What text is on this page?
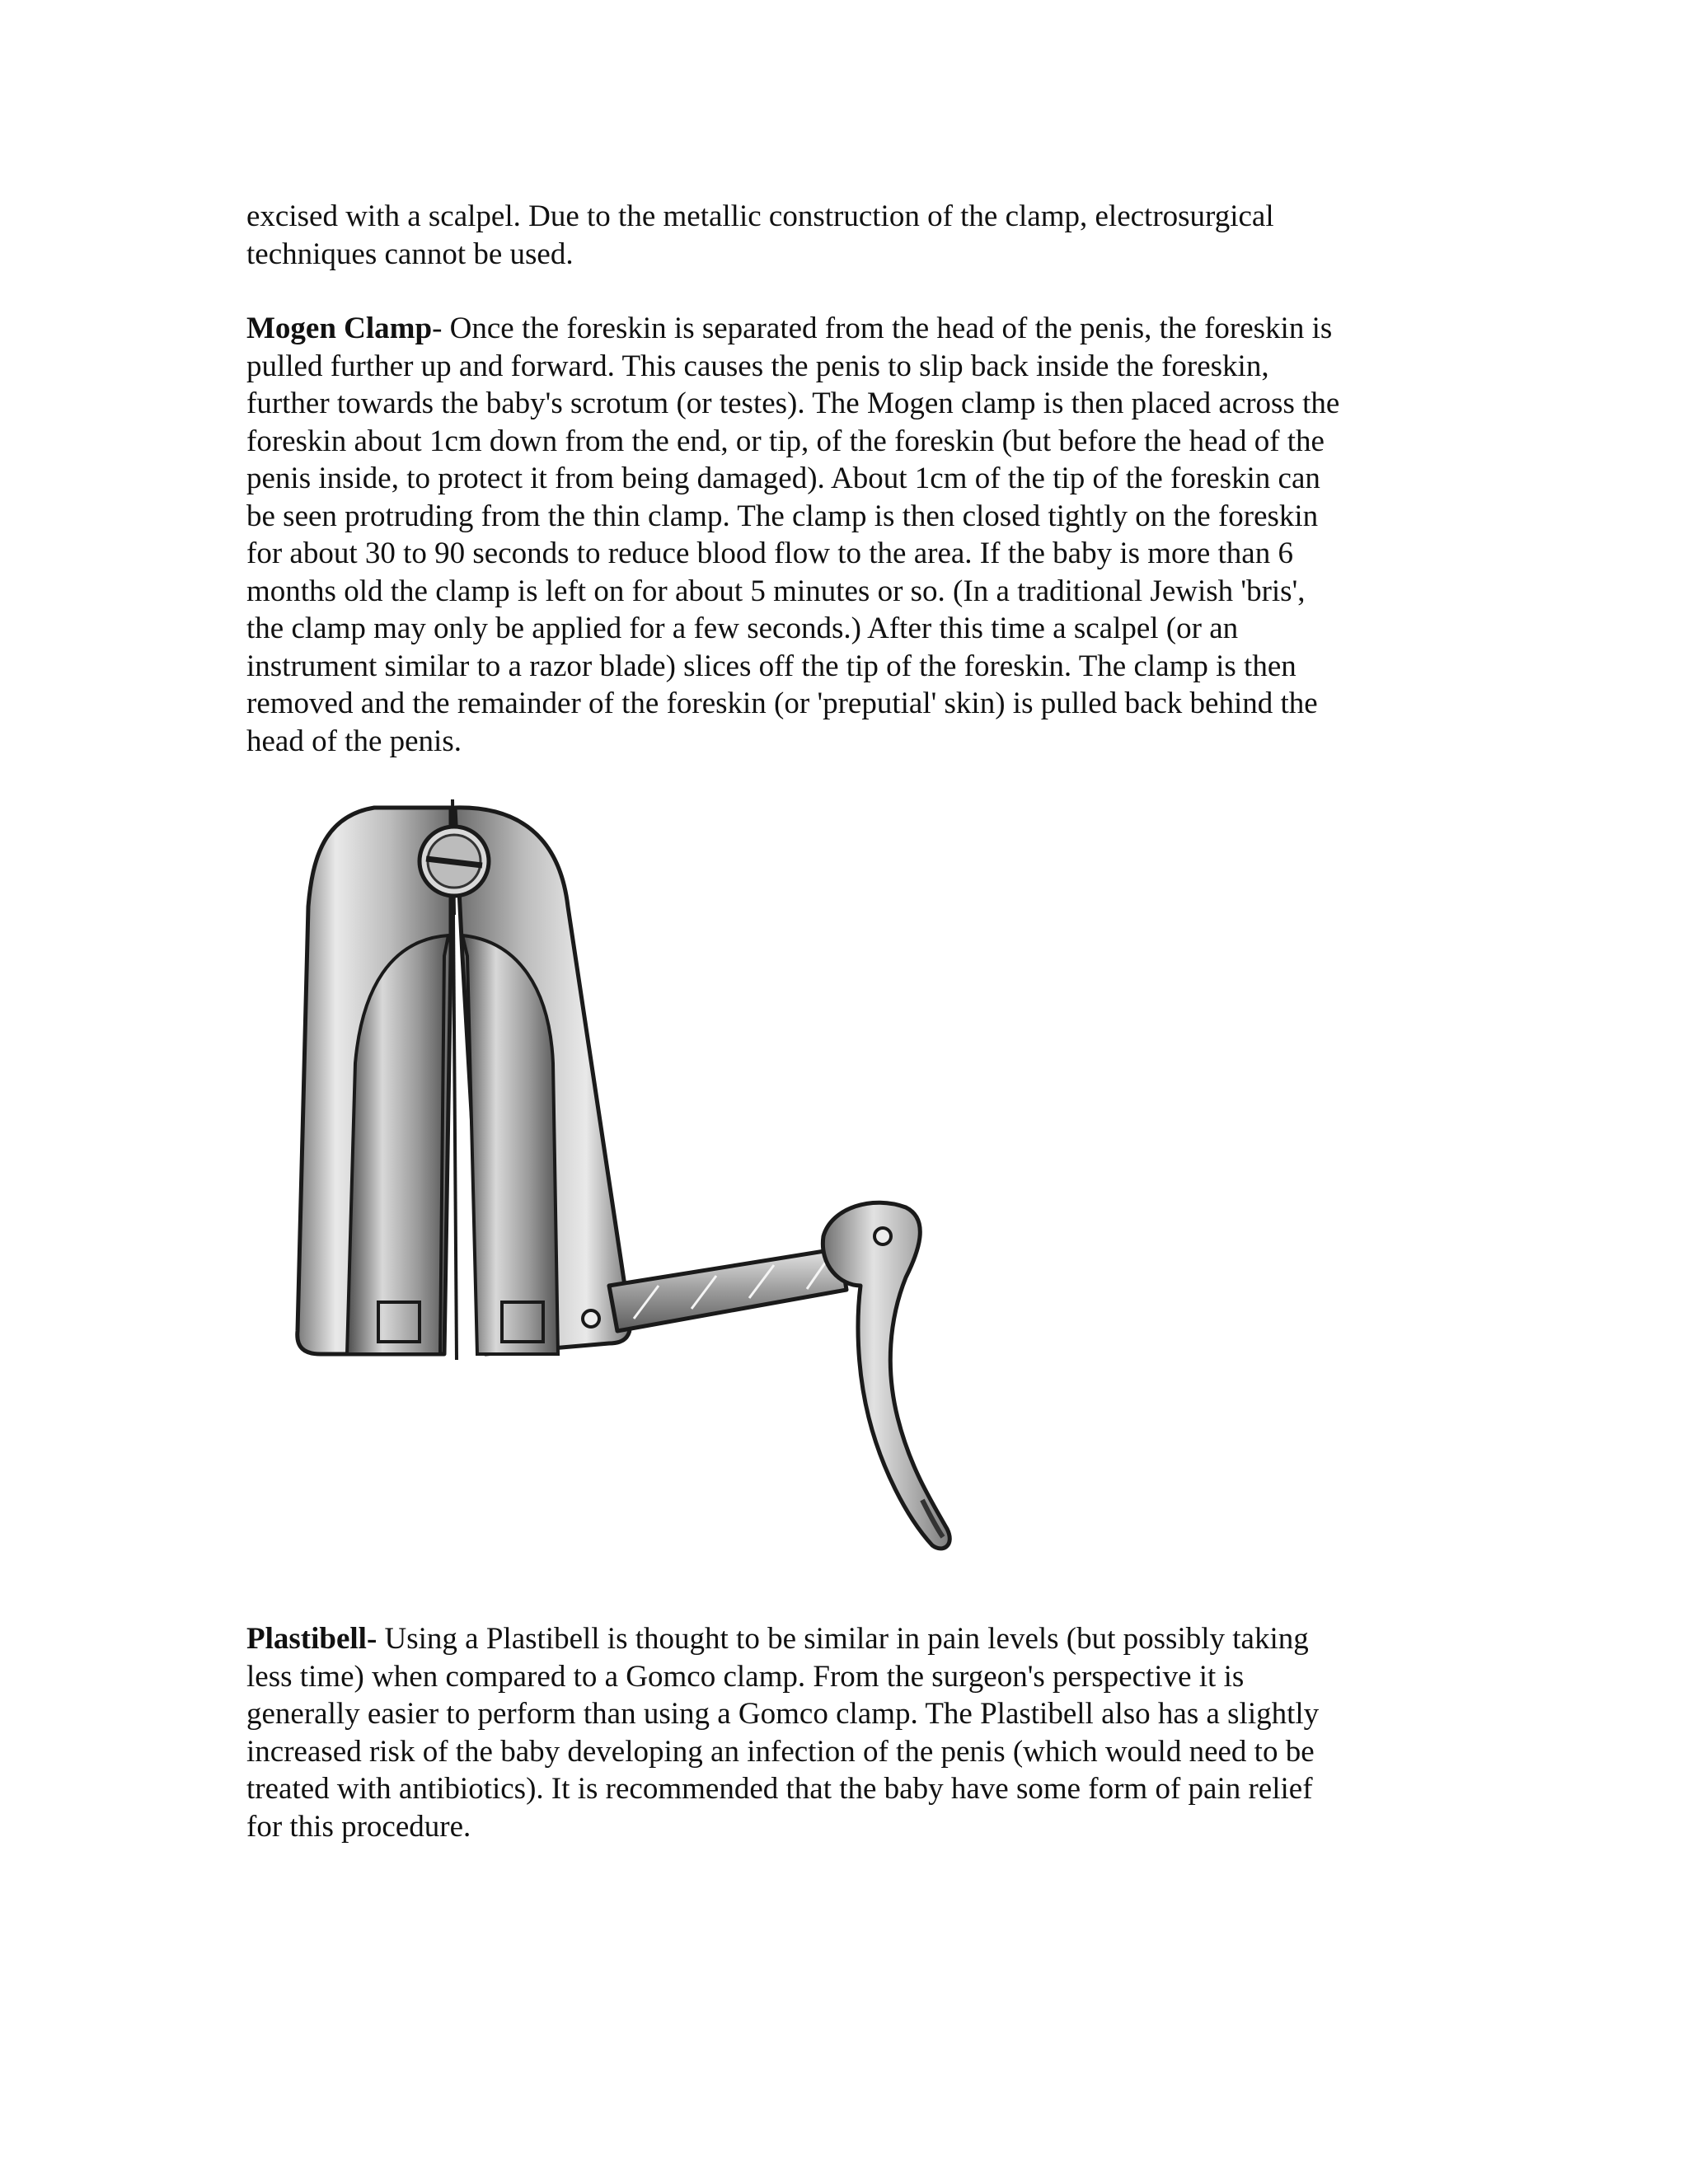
excised with a scalpel. Due to the metallic construction of the clamp, electrosurgical
techniques cannot be used.

Mogen Clamp- Once the foreskin is separated from the head of the penis, the foreskin is
pulled further up and forward. This causes the penis to slip back inside the foreskin,
further towards the baby's scrotum (or testes). The Mogen clamp is then placed across the
foreskin about 1cm down from the end, or tip, of the foreskin (but before the head of the
penis inside, to protect it from being damaged). About 1cm of the tip of the foreskin can
be seen protruding from the thin clamp. The clamp is then closed tightly on the foreskin
for about 30 to 90 seconds to reduce blood flow to the area. If the baby is more than 6
months old the clamp is left on for about 5 minutes or so. (In a traditional Jewish 'bris',
the clamp may only be applied for a few seconds.) After this time a scalpel (or an
instrument similar to a razor blade) slices off the tip of the foreskin. The clamp is then
removed and the remainder of the foreskin (or 'preputial' skin) is pulled back behind the
head of the penis.

Plastibell- Using a Plastibell is thought to be similar in pain levels (but possibly taking
less time) when compared to a Gomco clamp. From the surgeon's perspective it is
generally easier to perform than using a Gomco clamp. The Plastibell also has a slightly
increased risk of the baby developing an infection of the penis (which would need to be
treated with antibiotics). It is recommended that the baby have some form of pain relief
for this procedure.
